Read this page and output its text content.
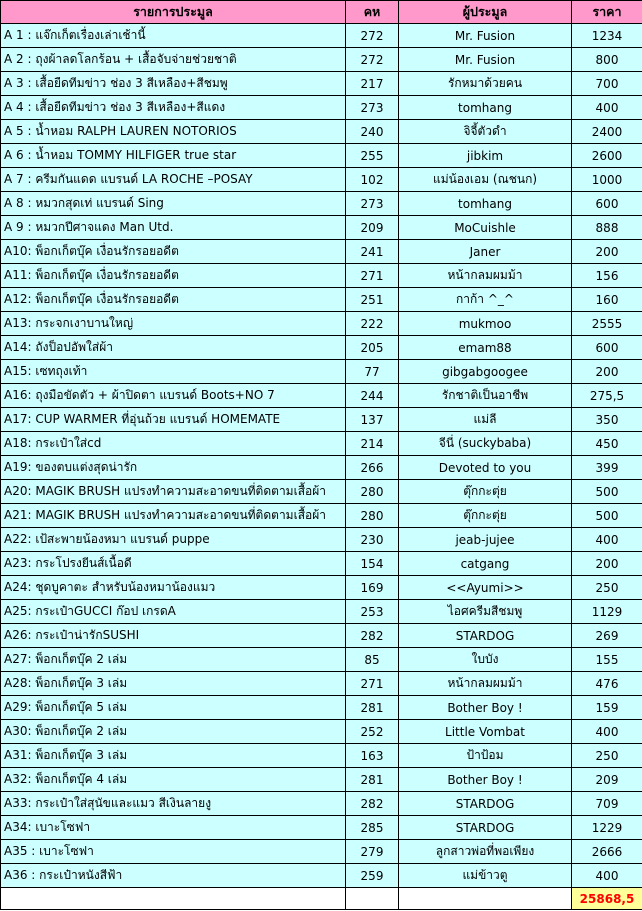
รายการประมูล	คห	ผู้ประมูล	ราคา
A 1 : แจ๊กเก็ตเรื่องเล่าเช้านี้	272	Mr. Fusion	1234
A 2 : ถุงผ้าลดโลกร้อน + เสื้อจับจ่ายช่วยชาติ	272	Mr. Fusion	800
A 3 : เสื้อยืดทีมข่าว ช่อง 3 สีเหลือง+สีชมพู	217	รักหมาด้วยคน	700
A 4 : เสื้อยืดทีมข่าว ช่อง 3 สีเหลือง+สีแดง	273	tomhang	400
A 5 : น้ำหอม RALPH LAUREN NOTORIOS	240	จิจี้ตัวดำ	2400
A 6 : น้ำหอม TOMMY HILFIGER true star	255	jibkim	2600
A 7 : ครีมกันแดด แบรนด์ LA ROCHE –POSAY	102	แม่น้องเอม (ณชนก)	1000
A 8 : หมวกสุดเท่ แบรนด์ Sing	273	tomhang	600
A 9 : หมวกปีศาจแดง Man Utd.	209	MoCuishle	888
A10: พ็อกเก็ตบุ๊ค เงื่อนรักรอยอดีต	241	Janer	200
A11: พ็อกเก็ตบุ๊ค เงื่อนรักรอยอดีต	271	หน้ากลมผมม้า	156
A12: พ็อกเก็ตบุ๊ค เงื่อนรักรอยอดีต	251	กาก้า ^_^	160
A13: กระจกเงาบานใหญ่	222	mukmoo	2555
A14: ถังป็อปอัพใส่ผ้า	205	emam88	600
A15: เซทถุงเท้า	77	gibgabgoogee	200
A16: ถุงมือขัดตัว + ผ้าปิดตา แบรนด์ Boots+NO 7	244	รักชาติเป็นอาชีพ	275,5
A17: CUP WARMER ที่อุ่นถ้วย แบรนด์ HOMEMATE	137	แม่ลี	350
A18: กระเป๋าใส่cd	214	จีนี่ (suckybaba)	450
A19: ของตบแต่งสุดน่ารัก	266	Devoted to you	399
A20: MAGIK BRUSH แปรงทำความสะอาดขนที่ติดตามเสื้อผ้า	280	ตุ๊กกะตุ่ย	500
A21: MAGIK BRUSH แปรงทำความสะอาดขนที่ติดตามเสื้อผ้า	280	ตุ๊กกะตุ่ย	500
A22: เป้สะพายน้องหมา แบรนด์ puppe	230	jeab-jujee	400
A23: กระโปรงยีนส์เนื้อดี	154	catgang	200
A24: ชุดบูคาตะ สำหรับน้องหมาน้องแมว	169	<<Ayumi>>	250
A25: กระเป๋าGUCCI ก๊อป เกรดA	253	ไอศครีมสีชมพู	1129
A26: กระเป๋าน่ารักSUSHI	282	STARDOG	269
A27: พ็อกเก็ตบุ๊ค 2 เล่ม	85	ใบบัง	155
A28: พ็อกเก็ตบุ๊ค 3 เล่ม	271	หน้ากลมผมม้า	476
A29: พ็อกเก็ตบุ๊ค 5 เล่ม	281	Bother Boy !	159
A30: พ็อกเก็ตบุ๊ค 2 เล่ม	252	Little Vombat	400
A31: พ็อกเก็ตบุ๊ค 3 เล่ม	163	ป้าป้อม	250
A32: พ็อกเก็ตบุ๊ค 4 เล่ม	281	Bother Boy !	209
A33: กระเป๋าใส่สุนัขและแมว สีเงินลายงู	282	STARDOG	709
A34: เบาะโซฟา	285	STARDOG	1229
A35 : เบาะโซฟา	279	ลูกสาวพ่อที่พอเพียง	2666
A36 : กระเป๋าหนังสีฟ้า	259	แม่ข้าวตู	400
			25868,5
